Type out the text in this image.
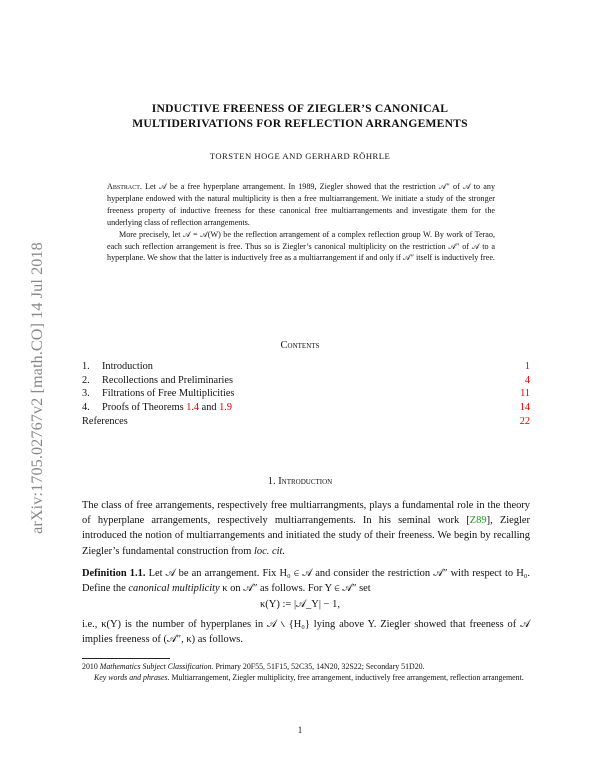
arXiv:1705.02767v2 [math.CO] 14 Jul 2018
INDUCTIVE FREENESS OF ZIEGLER’S CANONICAL
MULTIDERIVATIONS FOR REFLECTION ARRANGEMENTS
TORSTEN HOGE AND GERHARD RÖHRLE

Abstract. Let 𝒜 be a free hyperplane arrangement. In 1989, Ziegler showed that the restriction 𝒜″ of 𝒜 to any hyperplane endowed with the natural multiplicity is then a free multiarrangement. We initiate a study of the stronger freeness property of inductive freeness for these canonical free multiarrangements and investigate them for the underlying class of reflection arrangements.

More precisely, let 𝒜 = 𝒜(W) be the reflection arrangement of a complex reflection group W. By work of Terao, each such reflection arrangement is free. Thus so is Ziegler’s canonical multiplicity on the restriction 𝒜″ of 𝒜 to a hyperplane. We show that the latter is inductively free as a multiarrangement if and only if 𝒜″ itself is inductively free.

Contents
1. Introduction	1
2. Recollections and Preliminaries	4
3. Filtrations of Free Multiplicities	11
4. Proofs of Theorems 1.4 and 1.9	14
References	22
1. Introduction

The class of free arrangements, respectively free multiarrangments, plays a fundamental role in the theory of hyperplane arrangements, respectively multiarrangements. In his seminal work [Z89], Ziegler introduced the notion of multiarrangements and initiated the study of their freeness. We begin by recalling Ziegler’s fundamental construction from loc. cit.

Definition 1.1. Let 𝒜 be an arrangement. Fix H₀ ∈ 𝒜 and consider the restriction 𝒜″ with respect to H₀. Define the canonical multiplicity κ on 𝒜″ as follows. For Y ∈ 𝒜″ set

κ(Y) := |𝒜_Y| − 1,

i.e., κ(Y) is the number of hyperplanes in 𝒜 ∖ {H₀} lying above Y. Ziegler showed that freeness of 𝒜 implies freeness of (𝒜″, κ) as follows.

2010 Mathematics Subject Classification. Primary 20F55, 51F15, 52C35, 14N20, 32S22; Secondary 51D20.

Key words and phrases. Multiarrangement, Ziegler multiplicity, free arrangement, inductively free arrangement, reflection arrangement.

1
